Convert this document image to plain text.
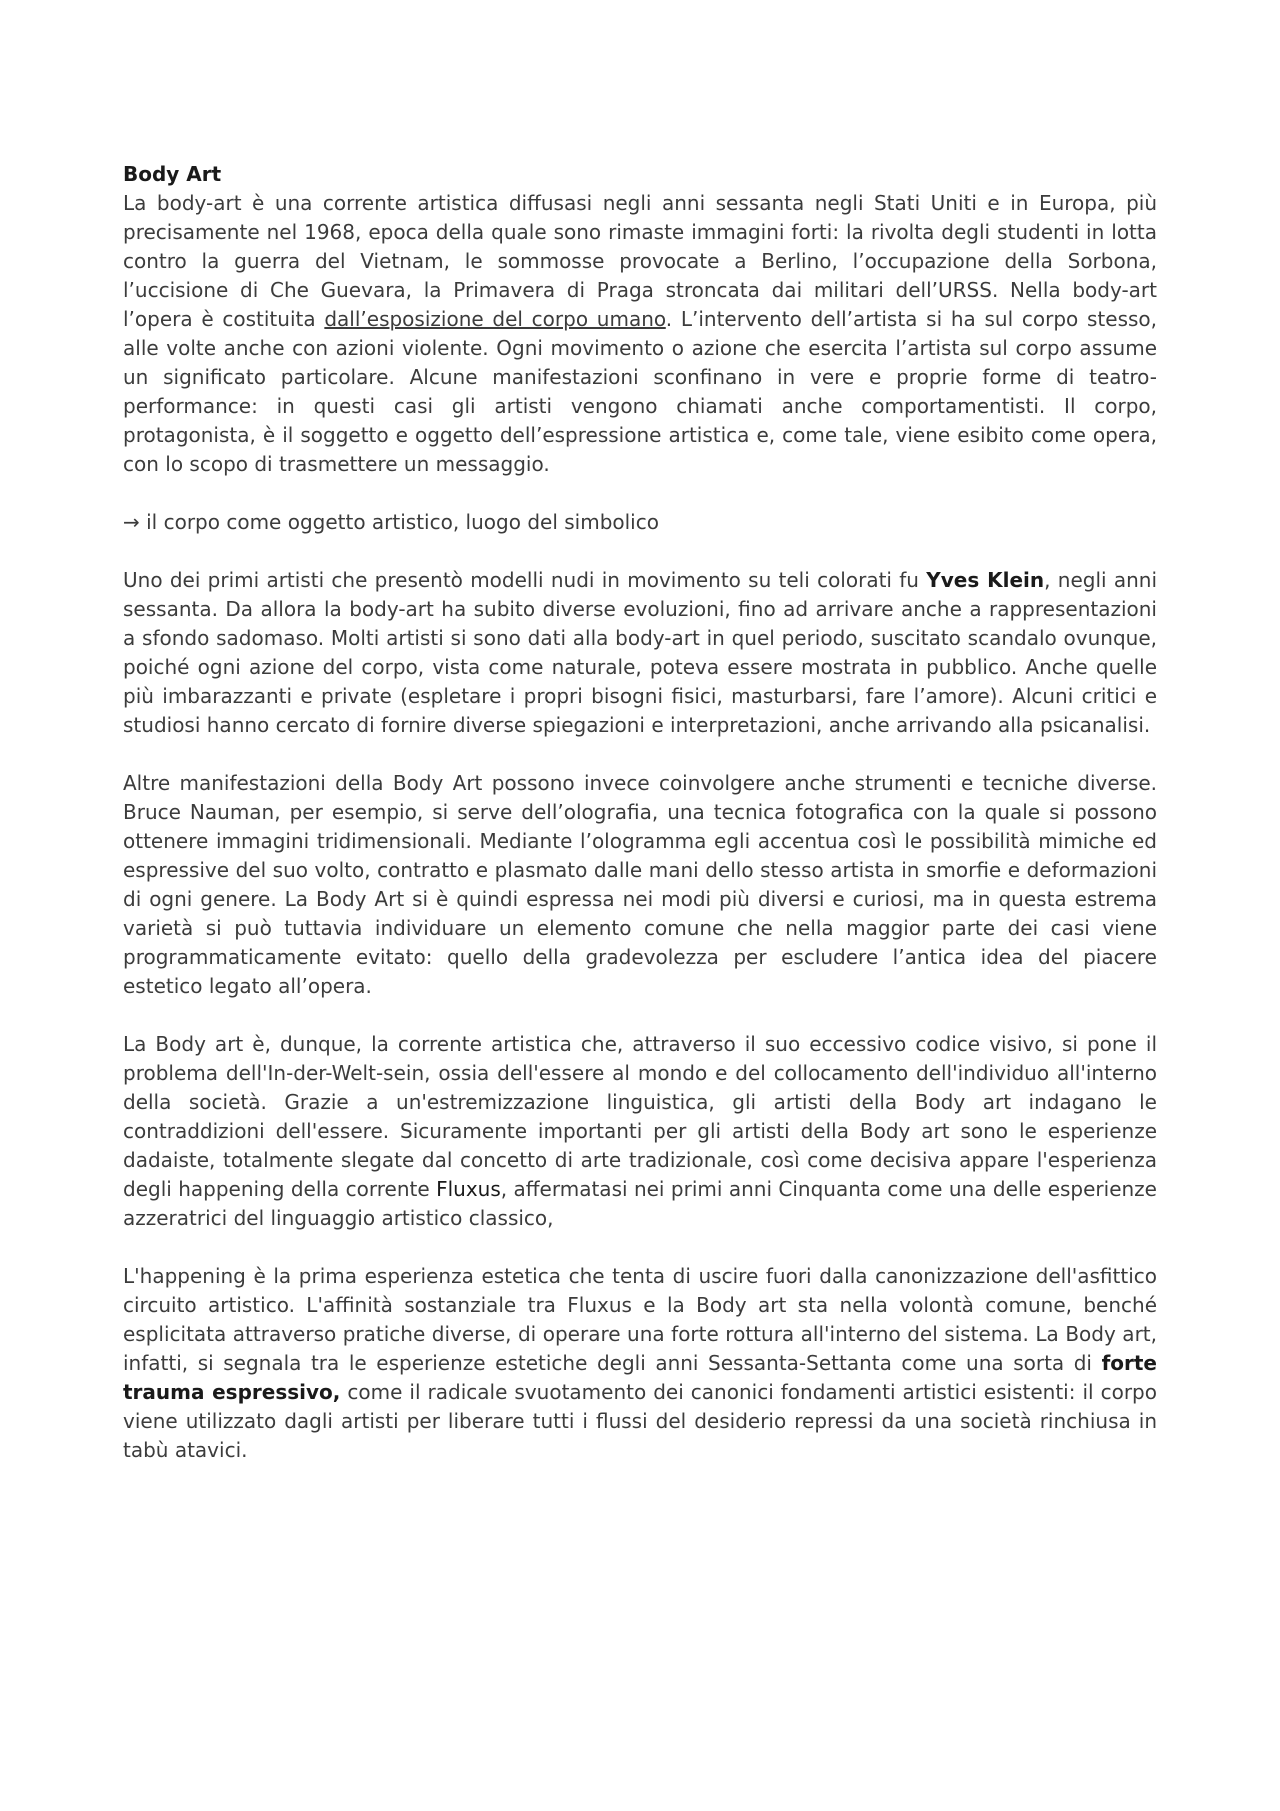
Body Art

La body-art è una corrente artistica diffusasi negli anni sessanta negli Stati Uniti e in Europa, più precisamente nel 1968, epoca della quale sono rimaste immagini forti: la rivolta degli studenti in lotta contro la guerra del Vietnam, le sommosse provocate a Berlino, l’occupazione della Sorbona, l’uccisione di Che Guevara, la Primavera di Praga stroncata dai militari dell’URSS. Nella body-art l’opera è costituita dall’esposizione del corpo umano. L’intervento dell’artista si ha sul corpo stesso, alle volte anche con azioni violente. Ogni movimento o azione che esercita l’artista sul corpo assume un significato particolare. Alcune manifestazioni sconfinano in vere e proprie forme di teatro-performance: in questi casi gli artisti vengono chiamati anche comportamentisti. Il corpo, protagonista, è il soggetto e oggetto dell’espressione artistica e, come tale, viene esibito come opera, con lo scopo di trasmettere un messaggio.

→ il corpo come oggetto artistico, luogo del simbolico

Uno dei primi artisti che presentò modelli nudi in movimento su teli colorati fu Yves Klein, negli anni sessanta. Da allora la body-art ha subito diverse evoluzioni, fino ad arrivare anche a rappresentazioni a sfondo sadomaso. Molti artisti si sono dati alla body-art in quel periodo, suscitato scandalo ovunque, poiché ogni azione del corpo, vista come naturale, poteva essere mostrata in pubblico. Anche quelle più imbarazzanti e private (espletare i propri bisogni fisici, masturbarsi, fare l’amore). Alcuni critici e studiosi hanno cercato di fornire diverse spiegazioni e interpretazioni, anche arrivando alla psicanalisi.

Altre manifestazioni della Body Art possono invece coinvolgere anche strumenti e tecniche diverse. Bruce Nauman, per esempio, si serve dell’olografia, una tecnica fotografica con la quale si possono ottenere immagini tridimensionali. Mediante l’ologramma egli accentua così le possibilità mimiche ed espressive del suo volto, contratto e plasmato dalle mani dello stesso artista in smorfie e deformazioni di ogni genere. La Body Art si è quindi espressa nei modi più diversi e curiosi, ma in questa estrema varietà si può tuttavia individuare un elemento comune che nella maggior parte dei casi viene programmaticamente evitato: quello della gradevolezza per escludere l’antica idea del piacere estetico legato all’opera.

La Body art è, dunque, la corrente artistica che, attraverso il suo eccessivo codice visivo, si pone il problema dell'In-der-Welt-sein, ossia dell'essere al mondo e del collocamento dell'individuo all'interno della società. Grazie a un'estremizzazione linguistica, gli artisti della Body art indagano le contraddizioni dell'essere. Sicuramente importanti per gli artisti della Body art sono le esperienze dadaiste, totalmente slegate dal concetto di arte tradizionale, così come decisiva appare l'esperienza degli happening della corrente Fluxus, affermatasi nei primi anni Cinquanta come una delle esperienze azzeratrici del linguaggio artistico classico,

L'happening è la prima esperienza estetica che tenta di uscire fuori dalla canonizzazione dell'asfittico circuito artistico. L'affinità sostanziale tra Fluxus e la Body art sta nella volontà comune, benché esplicitata attraverso pratiche diverse, di operare una forte rottura all'interno del sistema. La Body art, infatti, si segnala tra le esperienze estetiche degli anni Sessanta-Settanta come una sorta di forte trauma espressivo, come il radicale svuotamento dei canonici fondamenti artistici esistenti: il corpo viene utilizzato dagli artisti per liberare tutti i flussi del desiderio repressi da una società rinchiusa in tabù atavici.
